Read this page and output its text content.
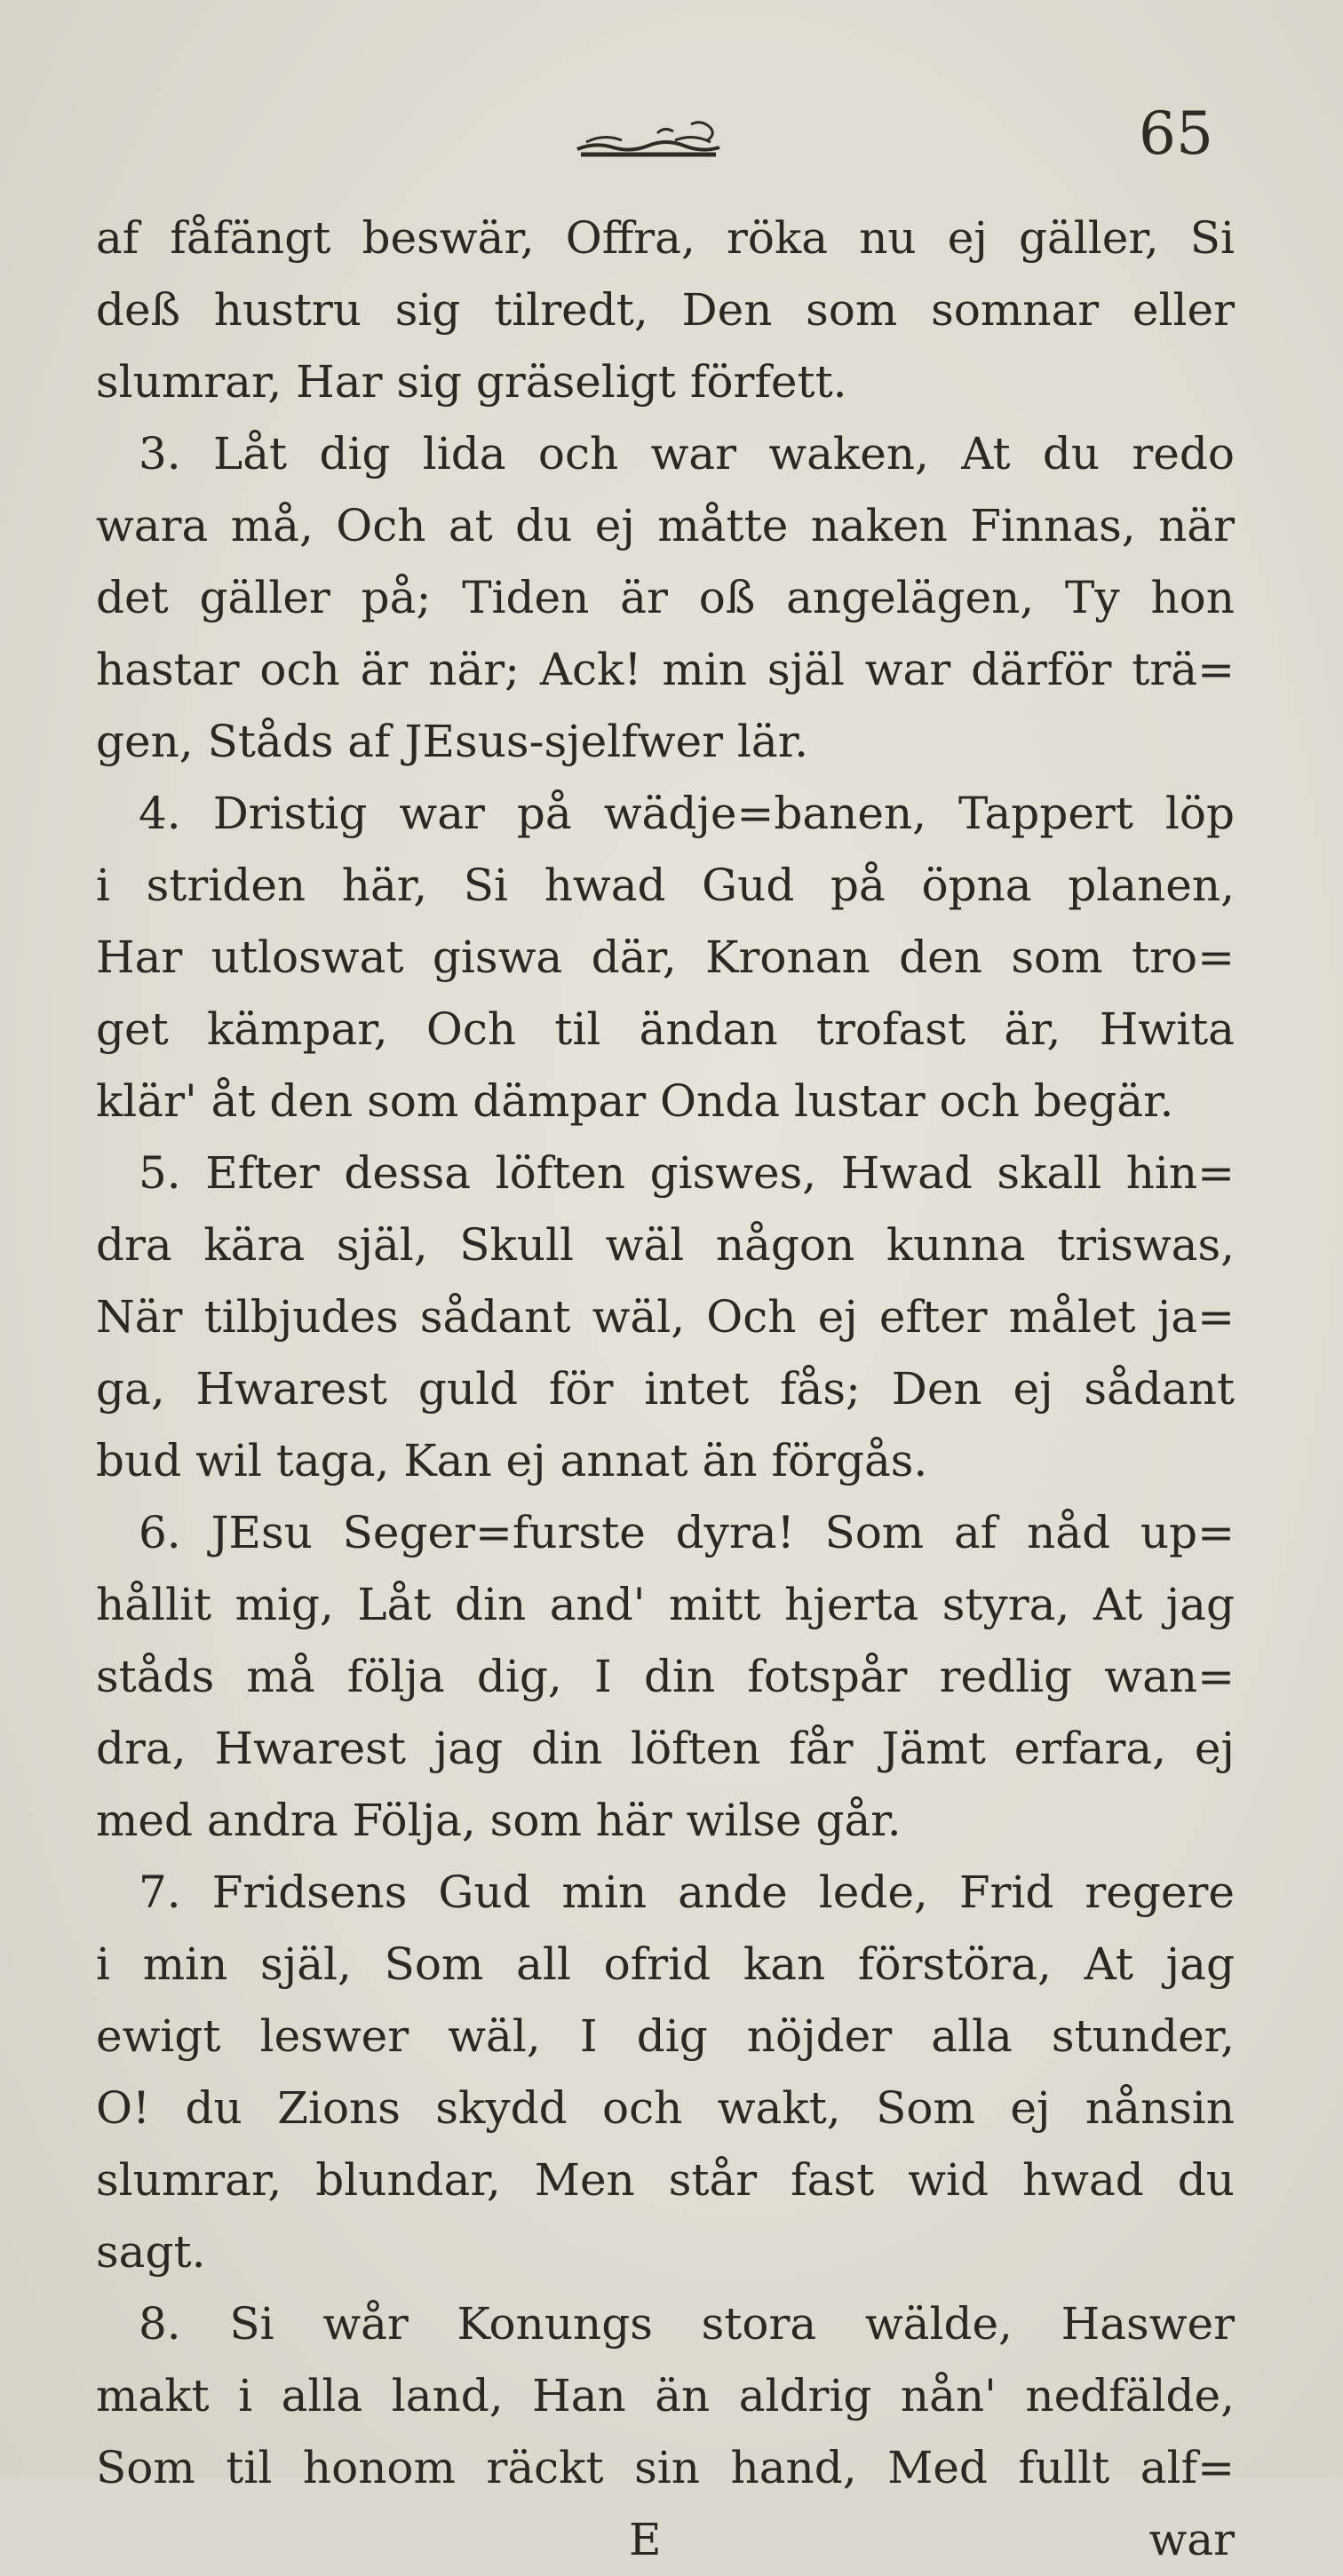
65
af fåfängt beswär, Offra, röka nu ej gäller, Si
deß hustru sig tilredt, Den som somnar eller
slumrar, Har sig gräseligt förfett.
3. Låt dig lida och war waken, At du redo
wara må, Och at du ej måtte naken Finnas, när
det gäller på; Tiden är oß angelägen, Ty hon
hastar och är när; Ack! min själ war därför trä=
gen, Ståds af JEsus-sjelfwer lär.
4. Dristig war på wädje=banen, Tappert löp
i striden här, Si hwad Gud på öpna planen,
Har utloswat giswa där, Kronan den som tro=
get kämpar, Och til ändan trofast är, Hwita
klär' åt den som dämpar Onda lustar och begär.
5. Efter dessa löften giswes, Hwad skall hin=
dra kära själ, Skull wäl någon kunna triswas,
När tilbjudes sådant wäl, Och ej efter målet ja=
ga, Hwarest guld för intet fås; Den ej sådant
bud wil taga, Kan ej annat än förgås.
6. JEsu Seger=furste dyra! Som af nåd up=
hållit mig, Låt din and' mitt hjerta styra, At jag
ståds må följa dig, I din fotspår redlig wan=
dra, Hwarest jag din löften får Jämt erfara, ej
med andra Följa, som här wilse går.
7. Fridsens Gud min ande lede, Frid regere
i min själ, Som all ofrid kan förstöra, At jag
ewigt leswer wäl, I dig nöjder alla stunder,
O! du Zions skydd och wakt, Som ej nånsin
slumrar, blundar, Men står fast wid hwad du
sagt.
8. Si wår Konungs stora wälde, Haswer
makt i alla land, Han än aldrig nån' nedfälde,
Som til honom räckt sin hand, Med fullt alf=
E	war
